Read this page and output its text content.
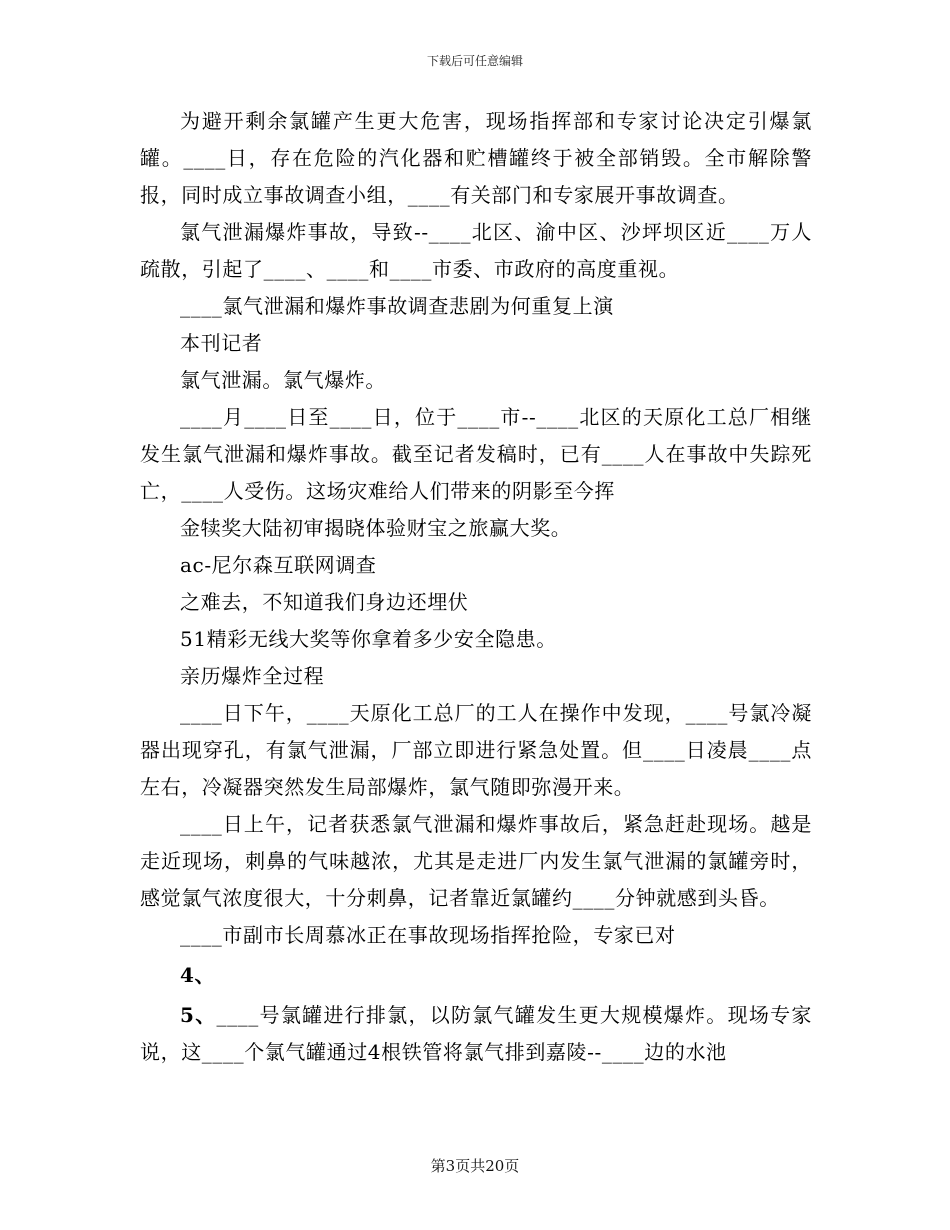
下载后可任意编辑

为避开剩余氯罐产生更大危害，现场指挥部和专家讨论决定引爆氯罐。____日，存在危险的汽化器和贮槽罐终于被全部销毁。全市解除警报，同时成立事故调查小组，____有关部门和专家展开事故调查。

氯气泄漏爆炸事故，导致--____北区、渝中区、沙坪坝区近____万人疏散，引起了____、____和____市委、市政府的高度重视。

____氯气泄漏和爆炸事故调查悲剧为何重复上演

本刊记者

氯气泄漏。氯气爆炸。

____月____日至____日，位于____市--____北区的天原化工总厂相继发生氯气泄漏和爆炸事故。截至记者发稿时，已有____人在事故中失踪死亡，____人受伤。这场灾难给人们带来的阴影至今挥

金犊奖大陆初审揭晓体验财宝之旅赢大奖。

ac-尼尔森互联网调查

之难去，不知道我们身边还埋伏

51精彩无线大奖等你拿着多少安全隐患。

亲历爆炸全过程

____日下午，____天原化工总厂的工人在操作中发现，____号氯冷凝器出现穿孔，有氯气泄漏，厂部立即进行紧急处置。但____日凌晨____点左右，冷凝器突然发生局部爆炸，氯气随即弥漫开来。

____日上午，记者获悉氯气泄漏和爆炸事故后，紧急赶赴现场。越是走近现场，刺鼻的气味越浓，尤其是走进厂内发生氯气泄漏的氯罐旁时，感觉氯气浓度很大，十分刺鼻，记者靠近氯罐约____分钟就感到头昏。

____市副市长周慕冰正在事故现场指挥抢险，专家已对

4、

5、____号氯罐进行排氯，以防氯气罐发生更大规模爆炸。现场专家说，这____个氯气罐通过4根铁管将氯气排到嘉陵--____边的水池

第3页共20页
